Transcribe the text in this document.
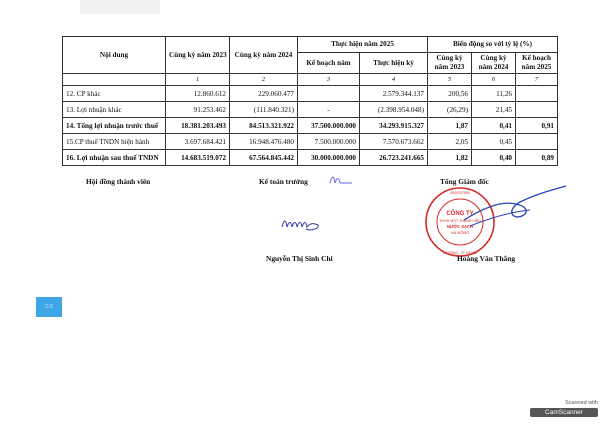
Nội dung	Cùng kỳ năm 2023	Cùng kỳ năm 2024	Thực hiện năm 2025		Biến động so với tỷ lệ (%)		
			Kế hoạch năm	Thực hiện kỳ	Cùng kỳ năm 2023	Cùng kỳ năm 2024	Kế hoạch năm 2025
	1	2	3	4	5	6	7
12. CP khác	12.860.612	229.060.477		2.579.344.137	200,56	11,26	
13. Lợi nhuận khác	91.253.462	(111.840.321)	-	(2.398.954.048)	(26,29)	21,45	
14. Tổng lợi nhuận trước thuế	18.381.203.493	84.513.321.922	37.500.000.000	34.293.915.327	1,87	0,41	0,91
15.CP thuế TNDN hiện hành	3.697.684.421	16.948.476.480	7.500.000.000	7.570.673.662	2,05	0,45	
16. Lợi nhuận sau thuế TNDN	14.683.519.072	67.564.845.442	30.000.000.000	26.723.241.665	1,82	0,40	0,89
Hội đồng thành viên	Kế toán trưởng	Tổng Giám đốc
CÔNG TY
TNHH MỘT THÀNH VIÊN
NƯỚC SẠCH
HÀ ĐÔNG
0500237894
HÀ ĐÔNG - TP. HÀ NỘI
Nguyễn Thị Sinh Chi	Hoàng Văn Thắng
2/2
Scanned with
CamScanner
